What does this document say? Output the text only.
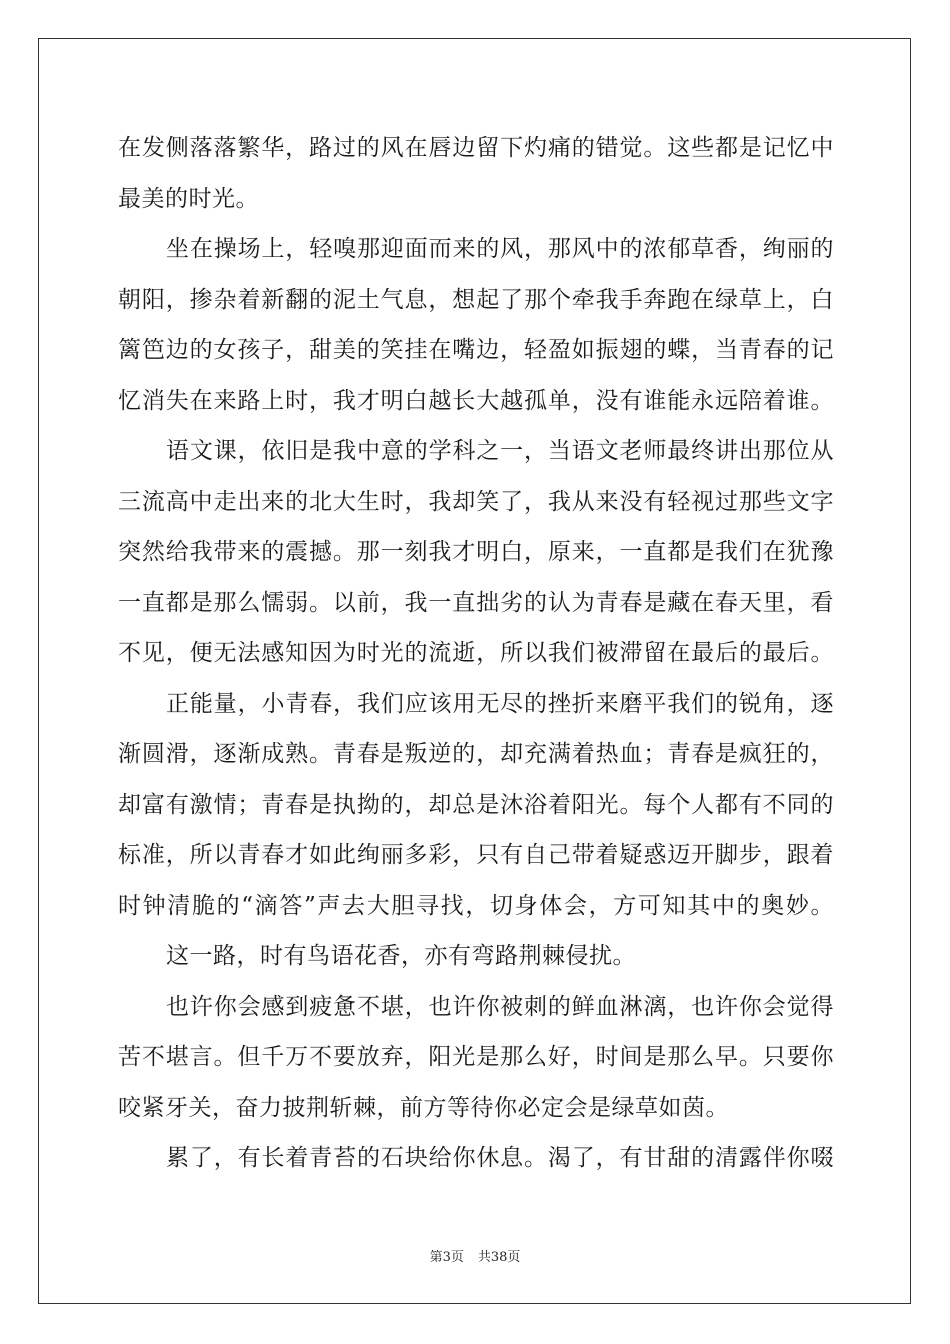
在发侧落落繁华，路过的风在唇边留下灼痛的错觉。这些都是记忆中
最美的时光。
坐在操场上，轻嗅那迎面而来的风，那风中的浓郁草香，绚丽的
朝阳，掺杂着新翻的泥土气息，想起了那个牵我手奔跑在绿草上，白
篱笆边的女孩子，甜美的笑挂在嘴边，轻盈如振翅的蝶，当青春的记
忆消失在来路上时，我才明白越长大越孤单，没有谁能永远陪着谁。
语文课，依旧是我中意的学科之一，当语文老师最终讲出那位从
三流高中走出来的北大生时，我却笑了，我从来没有轻视过那些文字
突然给我带来的震撼。那一刻我才明白，原来，一直都是我们在犹豫
一直都是那么懦弱。以前，我一直拙劣的认为青春是藏在春天里，看
不见，便无法感知因为时光的流逝，所以我们被滞留在最后的最后。
正能量，小青春，我们应该用无尽的挫折来磨平我们的锐角，逐
渐圆滑，逐渐成熟。青春是叛逆的，却充满着热血；青春是疯狂的，
却富有激情；青春是执拗的，却总是沐浴着阳光。每个人都有不同的
标准，所以青春才如此绚丽多彩，只有自己带着疑惑迈开脚步，跟着
时钟清脆的“滴答”声去大胆寻找，切身体会，方可知其中的奥妙。
这一路，时有鸟语花香，亦有弯路荆棘侵扰。
也许你会感到疲惫不堪，也许你被刺的鲜血淋漓，也许你会觉得
苦不堪言。但千万不要放弃，阳光是那么好，时间是那么早。只要你
咬紧牙关，奋力披荆斩棘，前方等待你必定会是绿草如茵。
累了，有长着青苔的石块给你休息。渴了，有甘甜的清露伴你啜
第3页 共38页
